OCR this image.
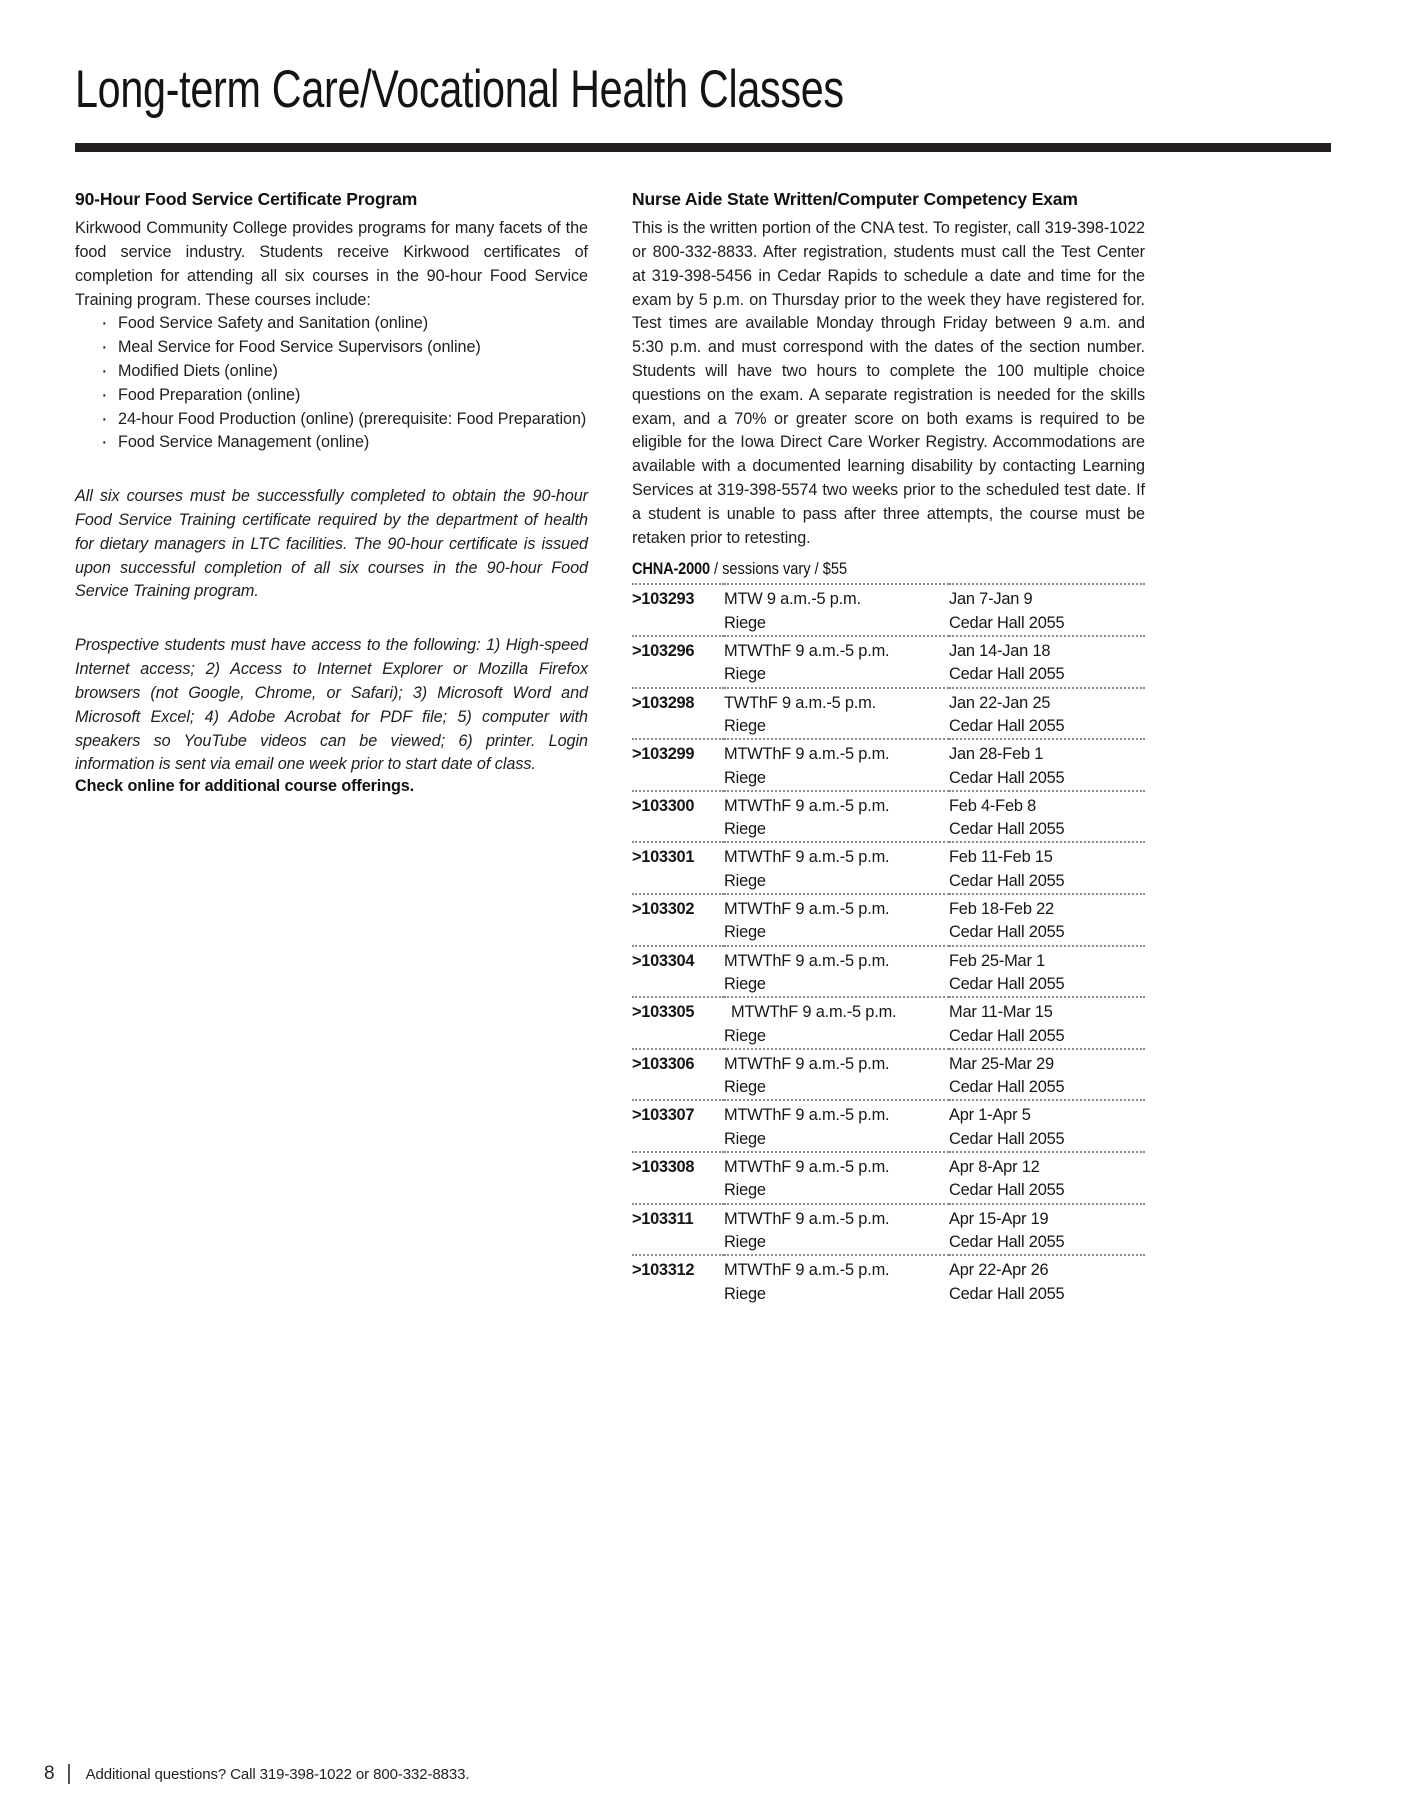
Long-term Care/Vocational Health Classes
90-Hour Food Service Certificate Program

Kirkwood Community College provides programs for many facets of the food service industry. Students receive Kirkwood certificates of completion for attending all six courses in the 90-hour Food Service Training program. These courses include:

· Food Service Safety and Sanitation (online)
· Meal Service for Food Service Supervisors (online)
· Modified Diets (online)
· Food Preparation (online)
· 24-hour Food Production (online) (prerequisite: Food Preparation)
· Food Service Management (online)

All six courses must be successfully completed to obtain the 90-hour Food Service Training certificate required by the department of health for dietary managers in LTC facilities. The 90-hour certificate is issued upon successful completion of all six courses in the 90-hour Food Service Training program.

Prospective students must have access to the following: 1) High-speed Internet access; 2) Access to Internet Explorer or Mozilla Firefox browsers (not Google, Chrome, or Safari); 3) Microsoft Word and Microsoft Excel; 4) Adobe Acrobat for PDF file; 5) computer with speakers so YouTube videos can be viewed; 6) printer. Login information is sent via email one week prior to start date of class.

Check online for additional course offerings.

Nurse Aide State Written/Computer Competency Exam

This is the written portion of the CNA test. To register, call 319-398-1022 or 800-332-8833. After registration, students must call the Test Center at 319-398-5456 in Cedar Rapids to schedule a date and time for the exam by 5 p.m. on Thursday prior to the week they have registered for. Test times are available Monday through Friday between 9 a.m. and 5:30 p.m. and must correspond with the dates of the section number. Students will have two hours to complete the 100 multiple choice questions on the exam. A separate registration is needed for the skills exam, and a 70% or greater score on both exams is required to be eligible for the Iowa Direct Care Worker Registry. Accommodations are available with a documented learning disability by contacting Learning Services at 319-398-5574 two weeks prior to the scheduled test date. If a student is unable to pass after three attempts, the course must be retaken prior to retesting.

CHNA-2000 / sessions vary / $55
>103293	MTW 9 a.m.-5 p.m.	Jan 7-Jan 9
	Riege	Cedar Hall 2055
>103296	MTWThF 9 a.m.-5 p.m.	Jan 14-Jan 18
	Riege	Cedar Hall 2055
>103298	TWThF 9 a.m.-5 p.m.	Jan 22-Jan 25
	Riege	Cedar Hall 2055
>103299	MTWThF 9 a.m.-5 p.m.	Jan 28-Feb 1
	Riege	Cedar Hall 2055
>103300	MTWThF 9 a.m.-5 p.m.	Feb 4-Feb 8
	Riege	Cedar Hall 2055
>103301	MTWThF 9 a.m.-5 p.m.	Feb 11-Feb 15
	Riege	Cedar Hall 2055
>103302	MTWThF 9 a.m.-5 p.m.	Feb 18-Feb 22
	Riege	Cedar Hall 2055
>103304	MTWThF 9 a.m.-5 p.m.	Feb 25-Mar 1
	Riege	Cedar Hall 2055
>103305	MTWThF 9 a.m.-5 p.m.	Mar 11-Mar 15
	Riege	Cedar Hall 2055
>103306	MTWThF 9 a.m.-5 p.m.	Mar 25-Mar 29
	Riege	Cedar Hall 2055
>103307	MTWThF 9 a.m.-5 p.m.	Apr 1-Apr 5
	Riege	Cedar Hall 2055
>103308	MTWThF 9 a.m.-5 p.m.	Apr 8-Apr 12
	Riege	Cedar Hall 2055
>103311	MTWThF 9 a.m.-5 p.m.	Apr 15-Apr 19
	Riege	Cedar Hall 2055
>103312	MTWThF 9 a.m.-5 p.m.	Apr 22-Apr 26
	Riege	Cedar Hall 2055
8	Additional questions? Call 319-398-1022 or 800-332-8833.
